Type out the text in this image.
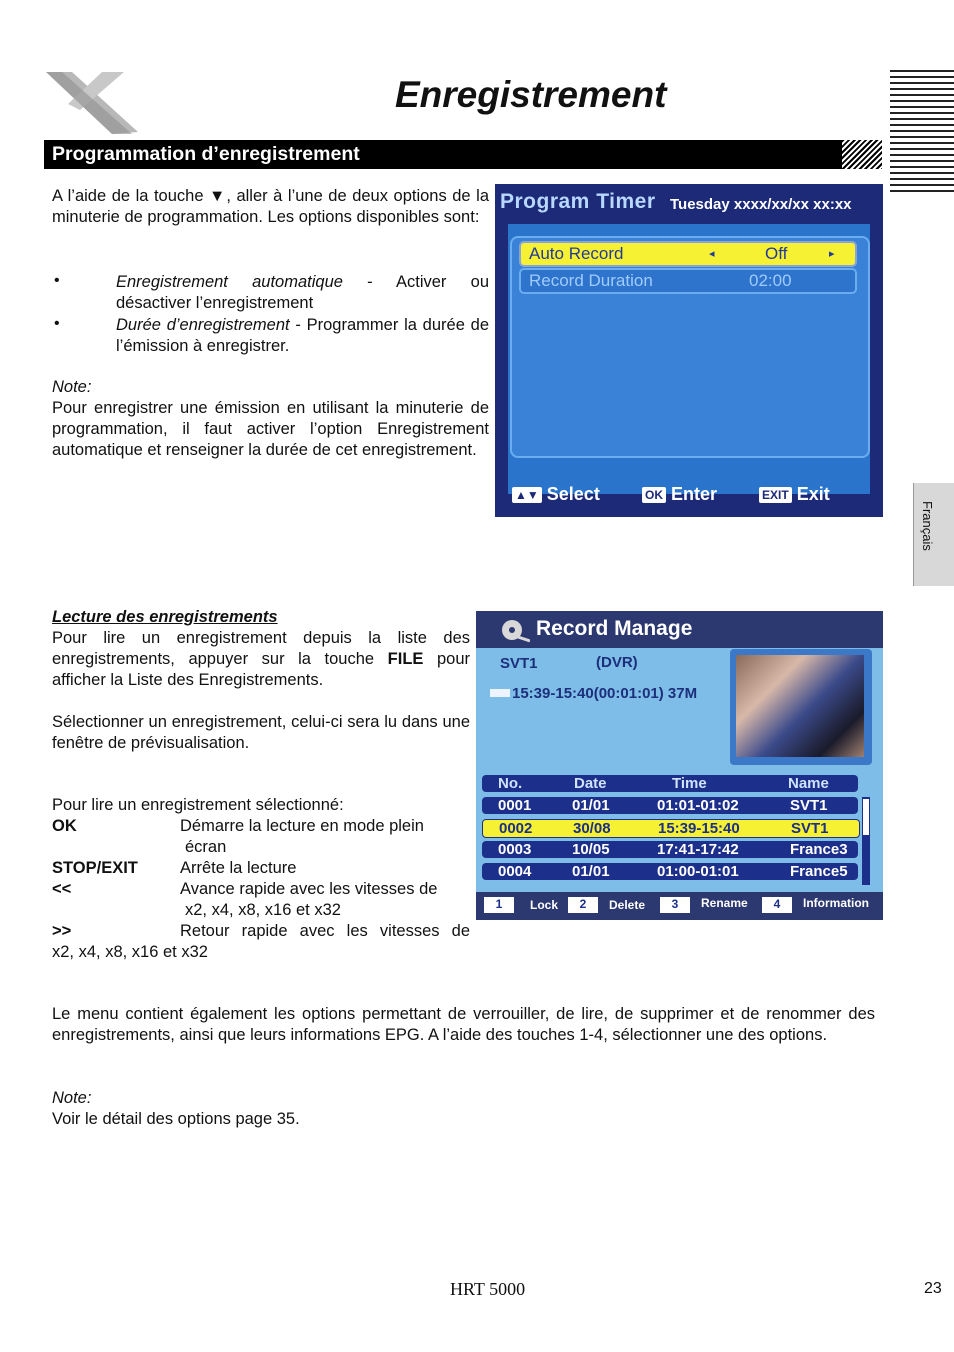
Enregistrement
Programmation d’enregistrement
Français
A l’aide de la touche ▼, aller à l’une de deux options de la minuterie de programmation. Les options disponibles sont:
•	Enregistrement automatique - Activer ou désactiver l’enregistrement
•	Durée d’enregistrement - Programmer la durée de l’émission à enregistrer.
Note:
Pour enregistrer une émission en utilisant la minuterie de programmation, il faut activer l’option Enregistrement automatique et renseigner la durée de cet enregistrement.
Program Timer Tuesday xxxx/xx/xx xx:xx
Auto Record	◂	Off	▸
Record Duration	02:00
▲▼ Select	OK Enter	EXIT Exit
Lecture des enregistrements
Pour lire un enregistrement depuis la liste des enregistrements, appuyer sur la touche FILE pour afficher la Liste des Enregistrements.
Sélectionner un enregistrement, celui-ci sera lu dans une fenêtre de prévisualisation.
Pour lire un enregistrement sélectionné:
OK	Démarre la lecture en mode plein
écran
STOP/EXIT	Arrête la lecture
<<	Avance rapide avec les vitesses de
x2, x4, x8, x16 et x32
>>	Retour rapide avec les vitesses de
x2, x4, x8, x16 et x32
Record Manage
SVT1	(DVR)
15:39-15:40(00:01:01) 37M
No.	Date	Time	Name
0001	01/01	01:01-01:02	SVT1
0002	30/08	15:39-15:40	SVT1
0003	10/05	17:41-17:42	France3
0004	01/01	01:00-01:01	France5
1	Lock	2	Delete	3	Rename	4	Information
Le menu contient également les options permettant de verrouiller, de lire, de supprimer et de renommer des enregistrements, ainsi que leurs informations EPG. A l’aide des touches 1-4, sélectionner une des options.
Note:
Voir le détail des options page 35.
HRT 5000	23
